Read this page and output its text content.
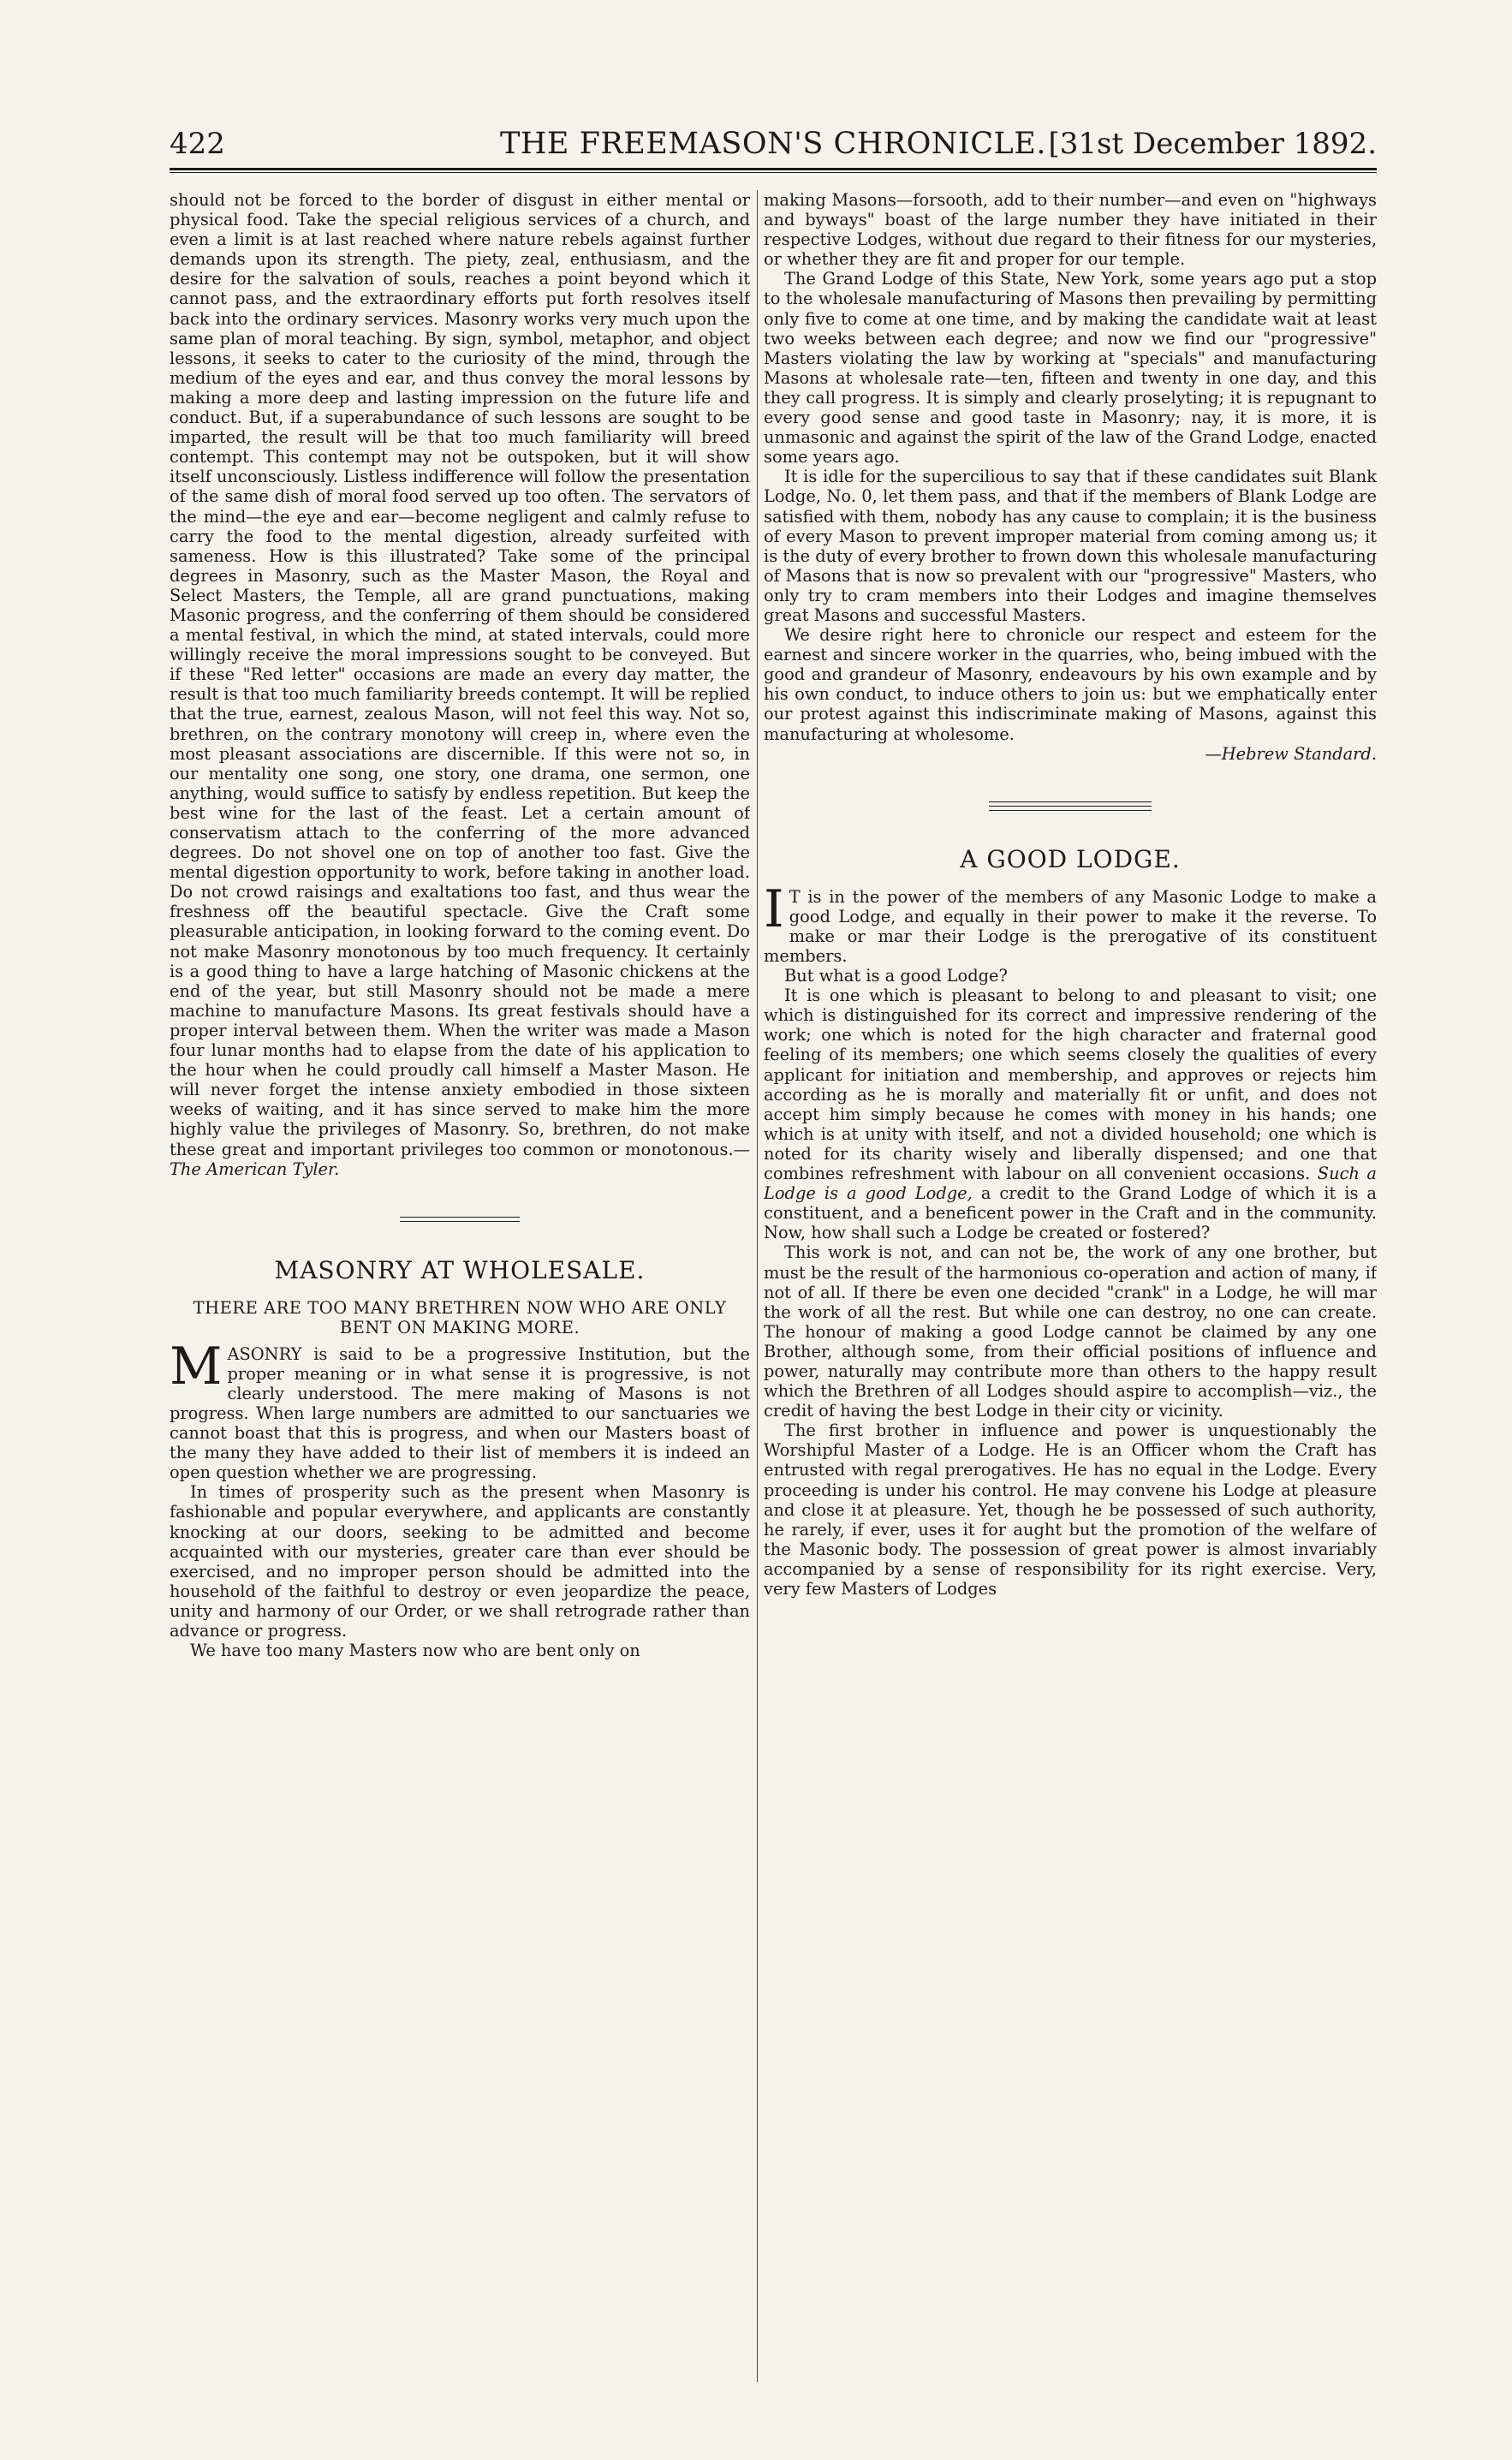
422	THE FREEMASON'S CHRONICLE. [31st December 1892.

should not be forced to the border of disgust in either mental or physical food. Take the special religious services of a church, and even a limit is at last reached where nature rebels against further demands upon its strength. The piety, zeal, enthusiasm, and the desire for the salvation of souls, reaches a point beyond which it cannot pass, and the extraordinary efforts put forth resolves itself back into the ordinary services. Masonry works very much upon the same plan of moral teaching. By sign, symbol, metaphor, and object lessons, it seeks to cater to the curiosity of the mind, through the medium of the eyes and ear, and thus convey the moral lessons by making a more deep and lasting impression on the future life and conduct. But, if a superabundance of such lessons are sought to be imparted, the result will be that too much familiarity will breed contempt. This contempt may not be outspoken, but it will show itself unconsciously. Listless indifference will follow the presentation of the same dish of moral food served up too often. The servators of the mind—the eye and ear—become negligent and calmly refuse to carry the food to the mental digestion, already surfeited with sameness. How is this illustrated? Take some of the principal degrees in Masonry, such as the Master Mason, the Royal and Select Masters, the Temple, all are grand punctuations, making Masonic progress, and the conferring of them should be considered a mental festival, in which the mind, at stated intervals, could more willingly receive the moral impressions sought to be conveyed. But if these "Red letter" occasions are made an every day matter, the result is that too much familiarity breeds contempt. It will be replied that the true, earnest, zealous Mason, will not feel this way. Not so, brethren, on the contrary monotony will creep in, where even the most pleasant associations are discernible. If this were not so, in our mentality one song, one story, one drama, one sermon, one anything, would suffice to satisfy by endless repetition. But keep the best wine for the last of the feast. Let a certain amount of conservatism attach to the conferring of the more advanced degrees. Do not shovel one on top of another too fast. Give the mental digestion opportunity to work, before taking in another load. Do not crowd raisings and exaltations too fast, and thus wear the freshness off the beautiful spectacle. Give the Craft some pleasurable anticipation, in looking forward to the coming event. Do not make Masonry monotonous by too much frequency. It certainly is a good thing to have a large hatching of Masonic chickens at the end of the year, but still Masonry should not be made a mere machine to manufacture Masons. Its great festivals should have a proper interval between them. When the writer was made a Mason four lunar months had to elapse from the date of his application to the hour when he could proudly call himself a Master Mason. He will never forget the intense anxiety embodied in those sixteen weeks of waiting, and it has since served to make him the more highly value the privileges of Masonry. So, brethren, do not make these great and important privileges too common or monotonous.—The American Tyler.

MASONRY AT WHOLESALE.
THERE ARE TOO MANY BRETHREN NOW WHO ARE ONLY BENT ON MAKING MORE.

MASONRY is said to be a progressive Institution, but the proper meaning or in what sense it is progressive, is not clearly understood. The mere making of Masons is not progress. When large numbers are admitted to our sanctuaries we cannot boast that this is progress, and when our Masters boast of the many they have added to their list of members it is indeed an open question whether we are progressing.

In times of prosperity such as the present when Masonry is fashionable and popular everywhere, and applicants are constantly knocking at our doors, seeking to be admitted and become acquainted with our mysteries, greater care than ever should be exercised, and no improper person should be admitted into the household of the faithful to destroy or even jeopardize the peace, unity and harmony of our Order, or we shall retrograde rather than advance or progress.

We have too many Masters now who are bent only on

making Masons—forsooth, add to their number—and even on "highways and byways" boast of the large number they have initiated in their respective Lodges, without due regard to their fitness for our mysteries, or whether they are fit and proper for our temple.

The Grand Lodge of this State, New York, some years ago put a stop to the wholesale manufacturing of Masons then prevailing by permitting only five to come at one time, and by making the candidate wait at least two weeks between each degree; and now we find our "progressive" Masters violating the law by working at "specials" and manufacturing Masons at wholesale rate—ten, fifteen and twenty in one day, and this they call progress. It is simply and clearly proselyting; it is repugnant to every good sense and good taste in Masonry; nay, it is more, it is unmasonic and against the spirit of the law of the Grand Lodge, enacted some years ago.

It is idle for the supercilious to say that if these candidates suit Blank Lodge, No. 0, let them pass, and that if the members of Blank Lodge are satisfied with them, nobody has any cause to complain; it is the business of every Mason to prevent improper material from coming among us; it is the duty of every brother to frown down this wholesale manufacturing of Masons that is now so prevalent with our "progressive" Masters, who only try to cram members into their Lodges and imagine themselves great Masons and successful Masters.

We desire right here to chronicle our respect and esteem for the earnest and sincere worker in the quarries, who, being imbued with the good and grandeur of Masonry, endeavours by his own example and by his own conduct, to induce others to join us: but we emphatically enter our protest against this indiscriminate making of Masons, against this manufacturing at wholesome.

—Hebrew Standard.
A GOOD LODGE.

I T is in the power of the members of any Masonic Lodge to make a good Lodge, and equally in their power to make it the reverse. To make or mar their Lodge is the prerogative of its constituent members.

But what is a good Lodge?

It is one which is pleasant to belong to and pleasant to visit; one which is distinguished for its correct and impressive rendering of the work; one which is noted for the high character and fraternal good feeling of its members; one which seems closely the qualities of every applicant for initiation and membership, and approves or rejects him according as he is morally and materially fit or unfit, and does not accept him simply because he comes with money in his hands; one which is at unity with itself, and not a divided household; one which is noted for its charity wisely and liberally dispensed; and one that combines refreshment with labour on all convenient occasions. Such a Lodge is a good Lodge, a credit to the Grand Lodge of which it is a constituent, and a beneficent power in the Craft and in the community. Now, how shall such a Lodge be created or fostered?

This work is not, and can not be, the work of any one brother, but must be the result of the harmonious co-operation and action of many, if not of all. If there be even one decided "crank" in a Lodge, he will mar the work of all the rest. But while one can destroy, no one can create. The honour of making a good Lodge cannot be claimed by any one Brother, although some, from their official positions of influence and power, naturally may contribute more than others to the happy result which the Brethren of all Lodges should aspire to accomplish—viz., the credit of having the best Lodge in their city or vicinity.

The first brother in influence and power is unquestionably the Worshipful Master of a Lodge. He is an Officer whom the Craft has entrusted with regal prerogatives. He has no equal in the Lodge. Every proceeding is under his control. He may convene his Lodge at pleasure and close it at pleasure. Yet, though he be possessed of such authority, he rarely, if ever, uses it for aught but the promotion of the welfare of the Masonic body. The possession of great power is almost invariably accompanied by a sense of responsibility for its right exercise. Very, very few Masters of Lodges
